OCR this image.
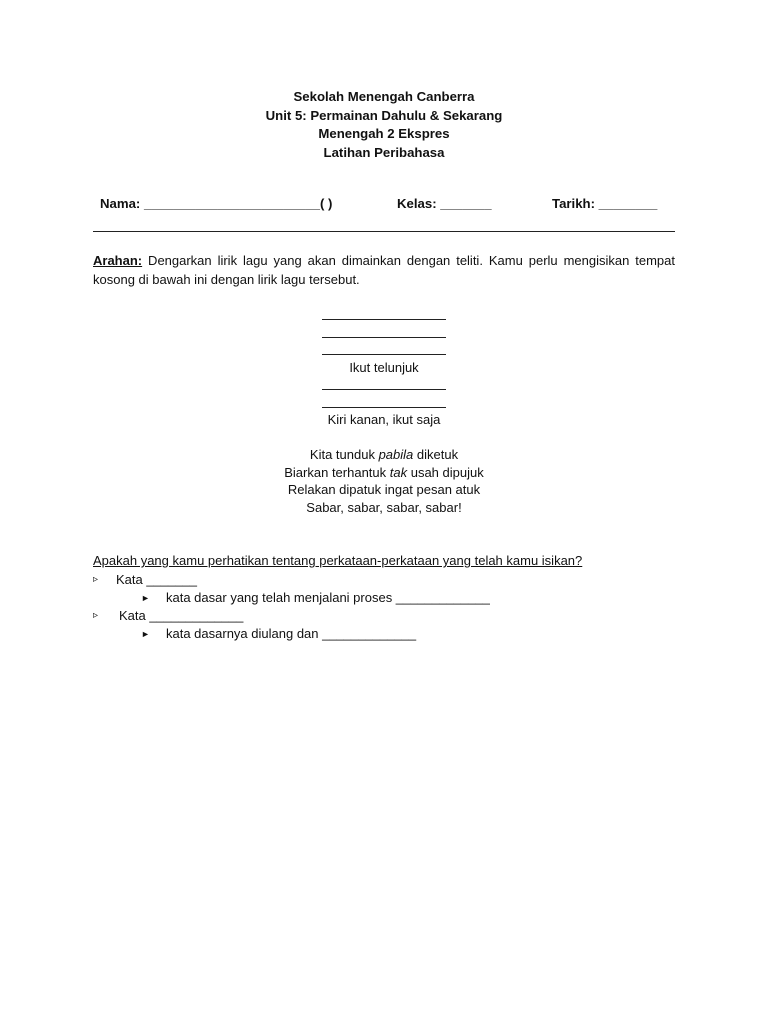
Sekolah Menengah Canberra
Unit 5: Permainan Dahulu & Sekarang
Menengah 2 Ekspres
Latihan Peribahasa
Nama: ________________________( )	Kelas: _______	Tarikh: ________
Arahan: Dengarkan lirik lagu yang akan dimainkan dengan teliti. Kamu perlu mengisikan tempat kosong di bawah ini dengan lirik lagu tersebut.
Ikut telunjuk
Kiri kanan, ikut saja
Kita tunduk pabila diketuk
Biarkan terhantuk tak usah dipujuk
Relakan dipatuk ingat pesan atuk
Sabar, sabar, sabar, sabar!
Apakah yang kamu perhatikan tentang perkataan-perkataan yang telah kamu isikan?
▹ Kata _______
► kata dasar yang telah menjalani proses _____________
▹ Kata _____________
► kata dasarnya diulang dan _____________
